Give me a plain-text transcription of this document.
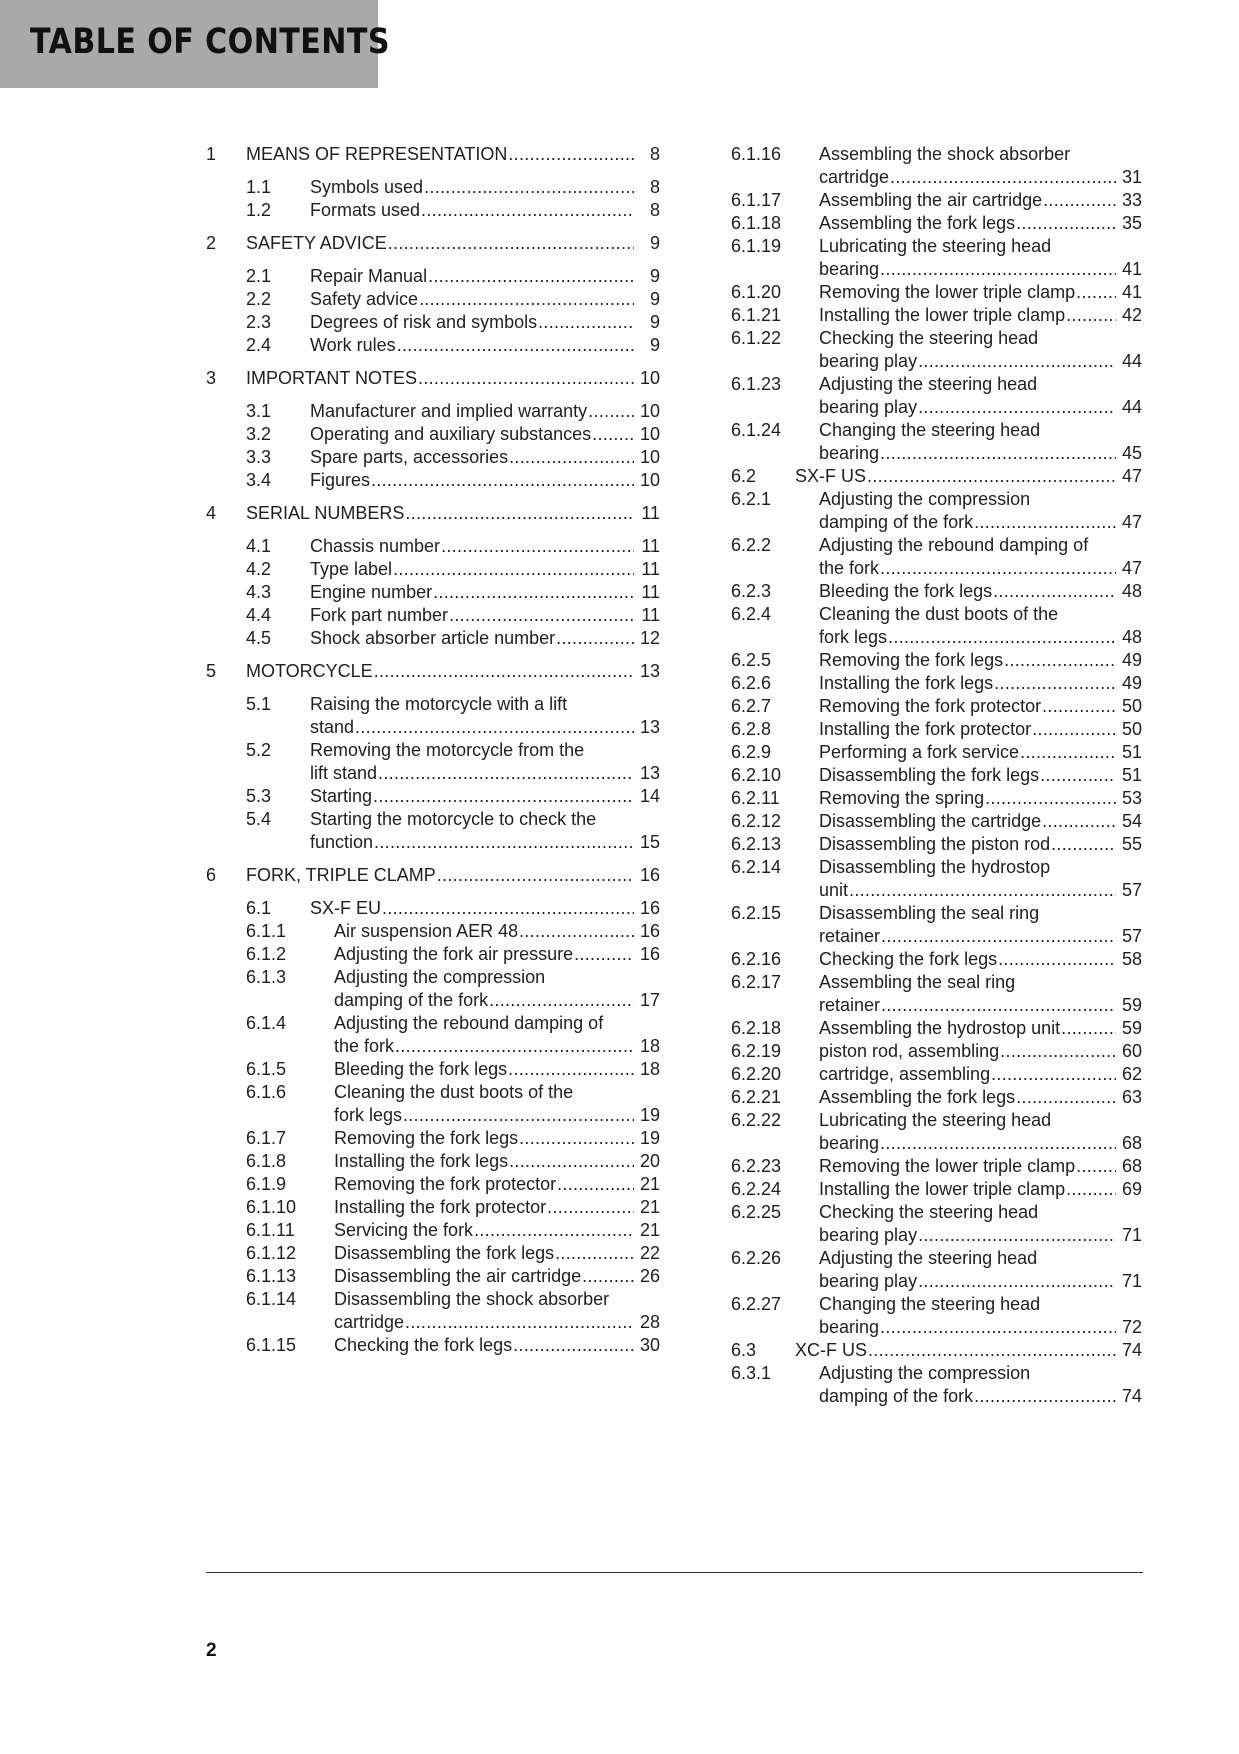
TABLE OF CONTENTS
1 MEANS OF REPRESENTATION .....	8
1.1 Symbols used .....	8
1.2 Formats used .....	8
2 SAFETY ADVICE .....	9
2.1 Repair Manual .....	9
2.2 Safety advice .....	9
2.3 Degrees of risk and symbols .....	9
2.4 Work rules .....	9
3 IMPORTANT NOTES .....	10
3.1 Manufacturer and implied warranty .....	10
3.2 Operating and auxiliary substances .....	10
3.3 Spare parts, accessories .....	10
3.4 Figures .....	10
4 SERIAL NUMBERS .....	11
4.1 Chassis number .....	11
4.2 Type label .....	11
4.3 Engine number .....	11
4.4 Fork part number .....	11
4.5 Shock absorber article number .....	12
5 MOTORCYCLE .....	13
5.1 Raising the motorcycle with a lift
stand .....	13
5.2 Removing the motorcycle from the
lift stand .....	13
5.3 Starting .....	14
5.4 Starting the motorcycle to check the
function .....	15
6 FORK, TRIPLE CLAMP .....	16
6.1 SX-F EU .....	16
6.1.1	Air suspension AER 48 .....	16
6.1.2	Adjusting the fork air pressure .....	16
6.1.3	Adjusting the compression
damping of the fork .....	17
6.1.4	Adjusting the rebound damping of
the fork .....	18
6.1.5	Bleeding the fork legs .....	18
6.1.6	Cleaning the dust boots of the
fork legs .....	19
6.1.7	Removing the fork legs .....	19
6.1.8	Installing the fork legs .....	20
6.1.9	Removing the fork protector .....	21
6.1.10 Installing the fork protector .....	21
6.1.11 Servicing the fork .....	21
6.1.12 Disassembling the fork legs .....	22
6.1.13 Disassembling the air cartridge .....	26
6.1.14 Disassembling the shock absorber
cartridge .....	28
6.1.15 Checking the fork legs .....	30
6.1.16 Assembling the shock absorber
cartridge .....	31
6.1.17 Assembling the air cartridge .....	33
6.1.18 Assembling the fork legs .....	35
6.1.19 Lubricating the steering head
bearing .....	41
6.1.20 Removing the lower triple clamp .....	41
6.1.21 Installing the lower triple clamp .....	42
6.1.22 Checking the steering head
bearing play .....	44
6.1.23 Adjusting the steering head
bearing play .....	44
6.1.24 Changing the steering head
bearing .....	45
6.2 SX-F US .....	47
6.2.1	Adjusting the compression
damping of the fork .....	47
6.2.2	Adjusting the rebound damping of
the fork .....	47
6.2.3	Bleeding the fork legs .....	48
6.2.4	Cleaning the dust boots of the
fork legs .....	48
6.2.5	Removing the fork legs .....	49
6.2.6	Installing the fork legs .....	49
6.2.7	Removing the fork protector .....	50
6.2.8	Installing the fork protector .....	50
6.2.9	Performing a fork service .....	51
6.2.10 Disassembling the fork legs .....	51
6.2.11 Removing the spring .....	53
6.2.12 Disassembling the cartridge .....	54
6.2.13 Disassembling the piston rod .....	55
6.2.14 Disassembling the hydrostop
unit .....	57
6.2.15 Disassembling the seal ring
retainer .....	57
6.2.16 Checking the fork legs .....	58
6.2.17 Assembling the seal ring
retainer .....	59
6.2.18 Assembling the hydrostop unit .....	59
6.2.19 piston rod, assembling .....	60
6.2.20 cartridge, assembling .....	62
6.2.21 Assembling the fork legs .....	63
6.2.22 Lubricating the steering head
bearing .....	68
6.2.23 Removing the lower triple clamp .....	68
6.2.24 Installing the lower triple clamp .....	69
6.2.25 Checking the steering head
bearing play .....	71
6.2.26 Adjusting the steering head
bearing play .....	71
6.2.27 Changing the steering head
bearing .....	72
6.3 XC-F US .....	74
6.3.1	Adjusting the compression
damping of the fork .....	74
2
